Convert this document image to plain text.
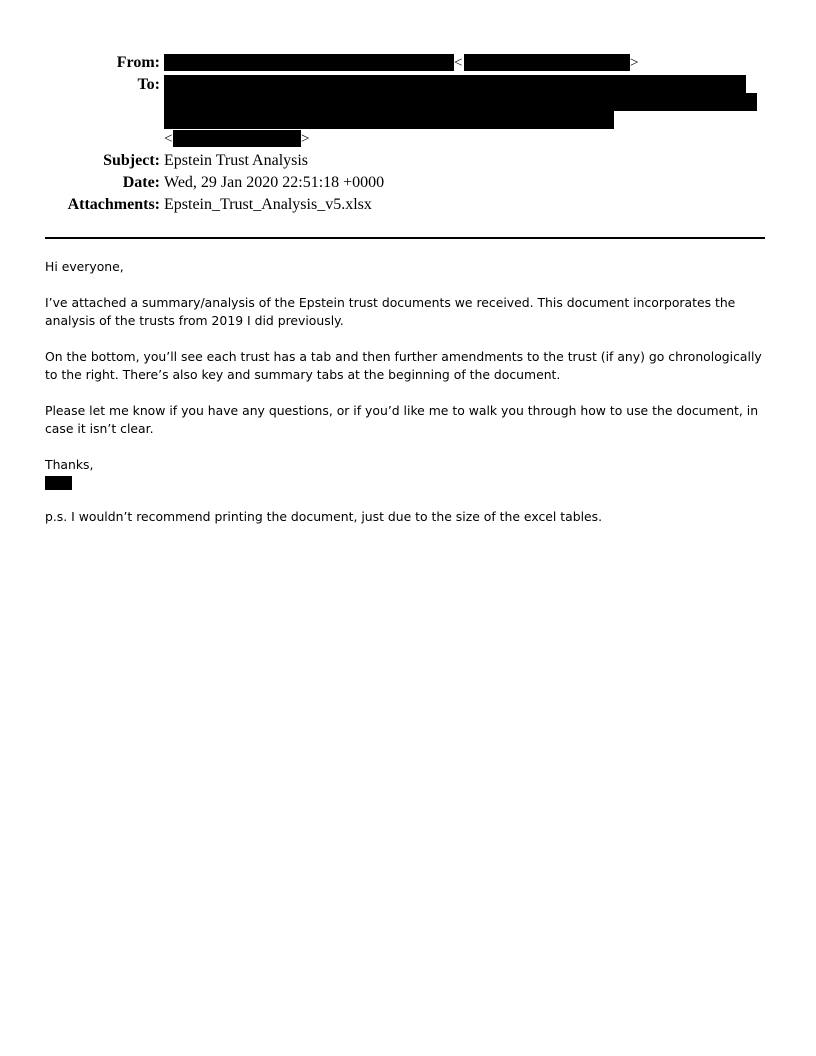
From:	<	>
To:
<	>
Subject: Epstein Trust Analysis
Date: Wed, 29 Jan 2020 22:51:18 +0000
Attachments: Epstein_Trust_Analysis_v5.xlsx

Hi everyone,

I’ve attached a summary/analysis of the Epstein trust documents we received. This document incorporates the analysis of the trusts from 2019 I did previously.

On the bottom, you’ll see each trust has a tab and then further amendments to the trust (if any) go chronologically to the right. There’s also key and summary tabs at the beginning of the document.

Please let me know if you have any questions, or if you’d like me to walk you through how to use the document, in case it isn’t clear.

Thanks,

p.s. I wouldn’t recommend printing the document, just due to the size of the excel tables.
